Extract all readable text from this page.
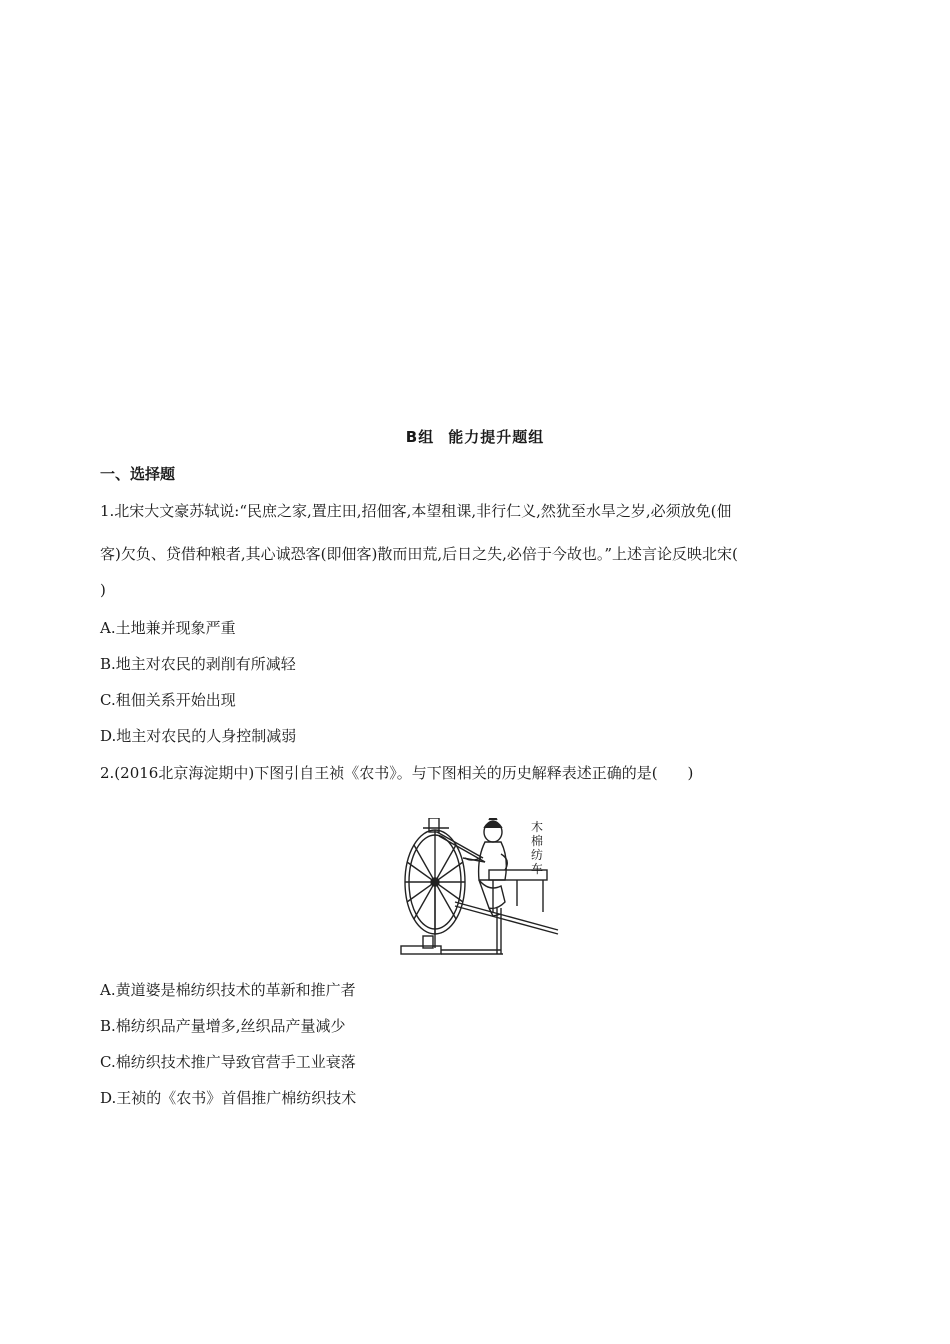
B组 能力提升题组
一、选择题
1.北宋大文豪苏轼说:“民庶之家,置庄田,招佃客,本望租课,非行仁义,然犹至水旱之岁,必须放免(佃
客)欠负、贷借种粮者,其心诚恐客(即佃客)散而田荒,后日之失,必倍于今故也。”上述言论反映北宋(
)
A.土地兼并现象严重
B.地主对农民的剥削有所减轻
C.租佃关系开始出现
D.地主对农民的人身控制减弱
2.(2016北京海淀期中)下图引自王祯《农书》。与下图相关的历史解释表述正确的是(　　)
木
棉
纺
车
A.黄道婆是棉纺织技术的革新和推广者
B.棉纺织品产量增多,丝织品产量减少
C.棉纺织技术推广导致官营手工业衰落
D.王祯的《农书》首倡推广棉纺织技术
